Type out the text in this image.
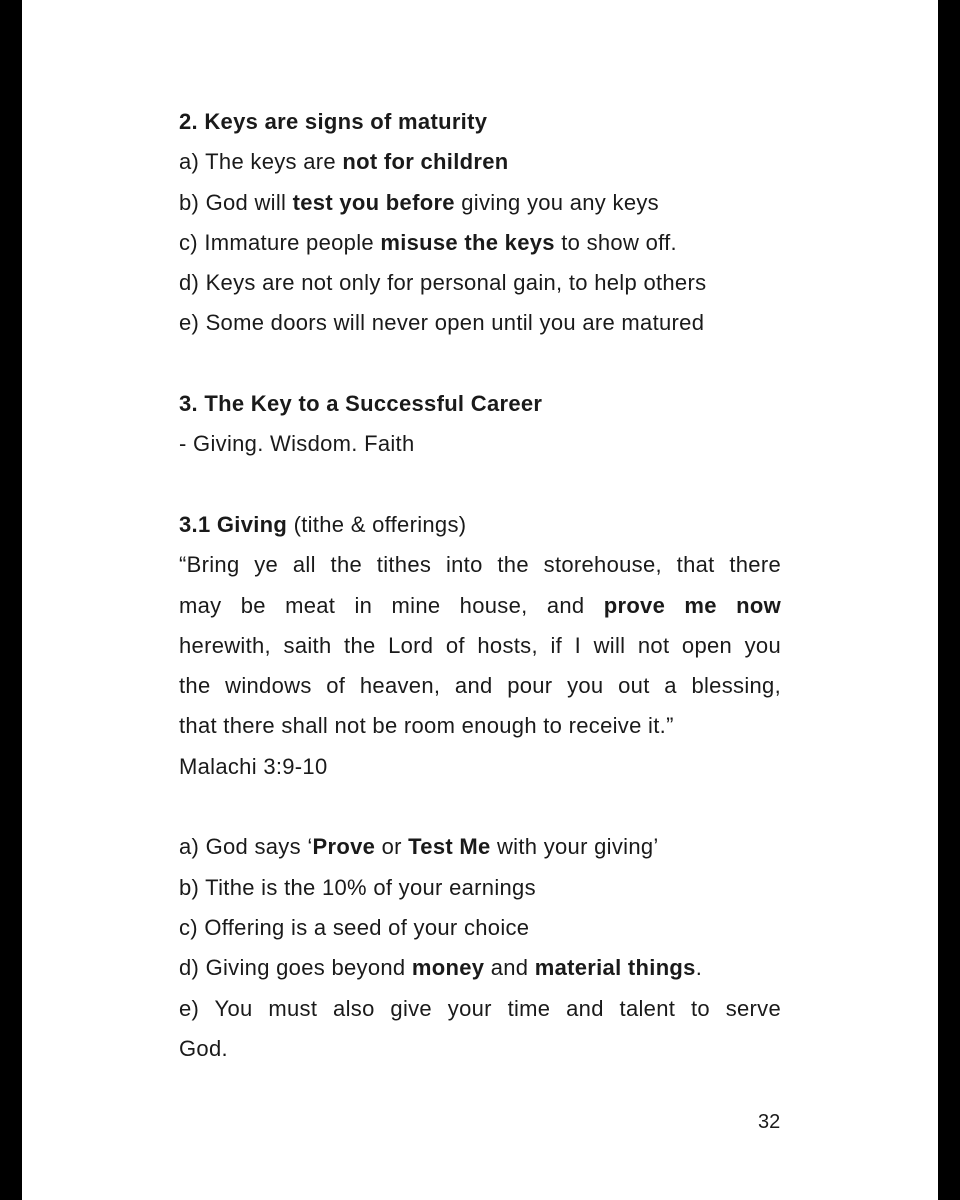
2. Keys are signs of maturity
a) The keys are not for children
b) God will test you before giving you any keys
c) Immature people misuse the keys to show off.
d) Keys are not only for personal gain, to help others
e) Some doors will never open until you are matured
3. The Key to a Successful Career
- Giving. Wisdom. Faith
3.1 Giving (tithe & offerings)
“Bring ye all the tithes into the storehouse, that there
may be meat in mine house, and prove me now
herewith, saith the Lord of hosts, if I will not open you
the windows of heaven, and pour you out a blessing,
that there shall not be room enough to receive it.”
Malachi 3:9-10
a) God says ‘Prove or Test Me with your giving’
b) Tithe is the 10% of your earnings
c) Offering is a seed of your choice
d) Giving goes beyond money and material things.
e) You must also give your time and talent to serve
God.
32
